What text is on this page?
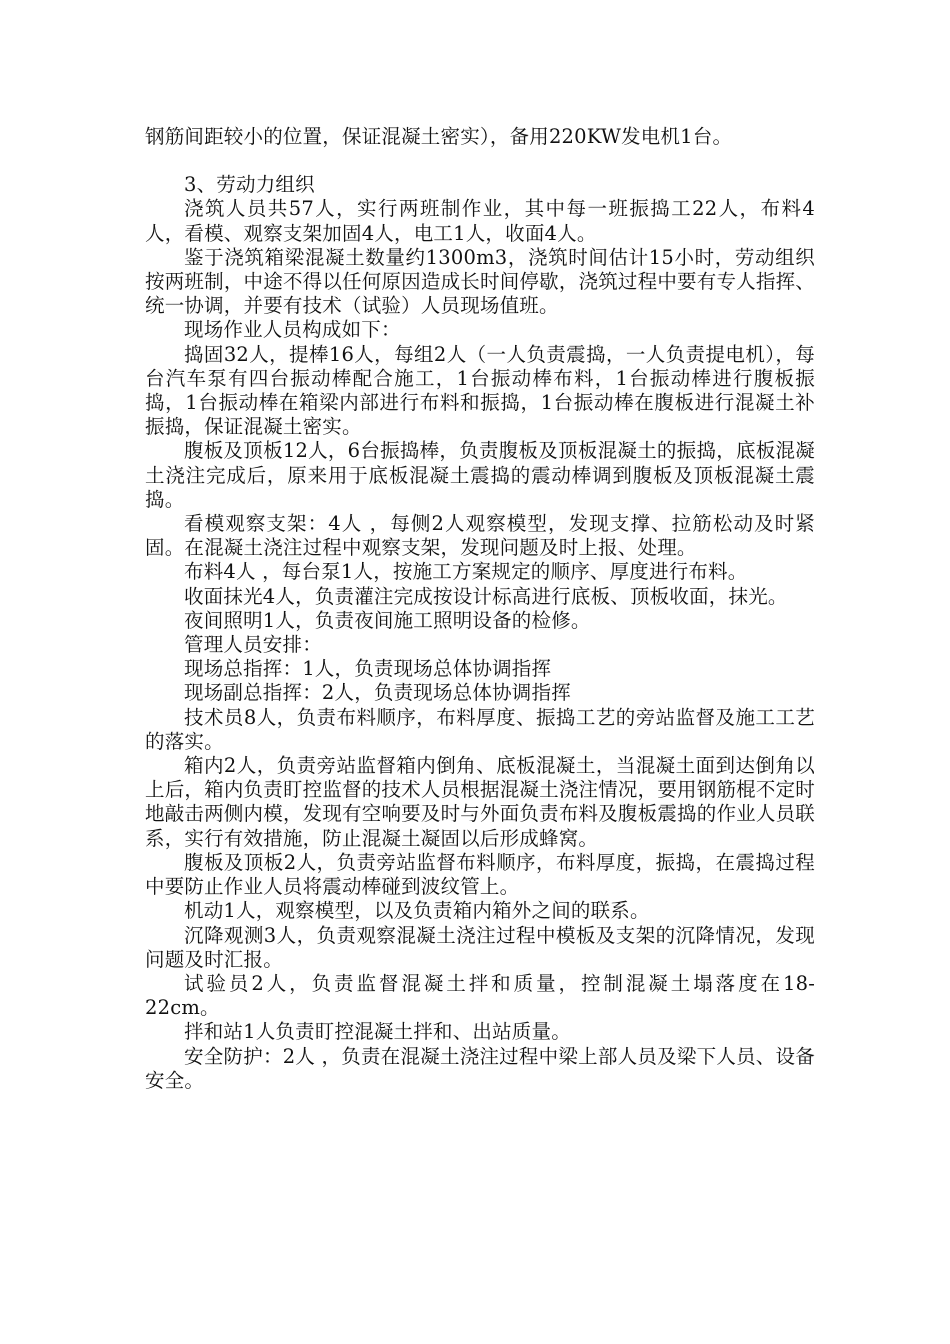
钢筋间距较小的位置，保证混凝土密实），备用220KW发电机1台。

3、劳动力组织

浇筑人员共57人，实行两班制作业，其中每一班振捣工22人，布料4人，看模、观察支架加固4人，电工1人，收面4人。

鉴于浇筑箱梁混凝土数量约1300m3，浇筑时间估计15小时，劳动组织按两班制，中途不得以任何原因造成长时间停歇，浇筑过程中要有专人指挥、统一协调，并要有技术（试验）人员现场值班。

现场作业人员构成如下：

捣固32人，提棒16人，每组2人（一人负责震捣，一人负责提电机），每台汽车泵有四台振动棒配合施工，1台振动棒布料，1台振动棒进行腹板振捣，1台振动棒在箱梁内部进行布料和振捣，1台振动棒在腹板进行混凝土补振捣，保证混凝土密实。

腹板及顶板12人，6台振捣棒，负责腹板及顶板混凝土的振捣，底板混凝土浇注完成后，原来用于底板混凝土震捣的震动棒调到腹板及顶板混凝土震捣。

看模观察支架：4人 ，每侧2人观察模型，发现支撑、拉筋松动及时紧固。在混凝土浇注过程中观察支架，发现问题及时上报、处理。

布料4人 ，每台泵1人，按施工方案规定的顺序、厚度进行布料。

收面抹光4人，负责灌注完成按设计标高进行底板、顶板收面，抹光。

夜间照明1人，负责夜间施工照明设备的检修。

管理人员安排：

现场总指挥：1人，负责现场总体协调指挥

现场副总指挥：2人，负责现场总体协调指挥

技术员8人，负责布料顺序，布料厚度、振捣工艺的旁站监督及施工工艺的落实。

箱内2人，负责旁站监督箱内倒角、底板混凝土，当混凝土面到达倒角以上后，箱内负责盯控监督的技术人员根据混凝土浇注情况，要用钢筋棍不定时地敲击两侧内模，发现有空响要及时与外面负责布料及腹板震捣的作业人员联系，实行有效措施，防止混凝土凝固以后形成蜂窝。

腹板及顶板2人，负责旁站监督布料顺序，布料厚度，振捣，在震捣过程中要防止作业人员将震动棒碰到波纹管上。

机动1人，观察模型，以及负责箱内箱外之间的联系。

沉降观测3人，负责观察混凝土浇注过程中模板及支架的沉降情况，发现问题及时汇报。

试验员2人，负责监督混凝土拌和质量，控制混凝土塌落度在18-22cm。

拌和站1人负责盯控混凝土拌和、出站质量。

安全防护：2人 ，负责在混凝土浇注过程中梁上部人员及梁下人员、设备安全。
